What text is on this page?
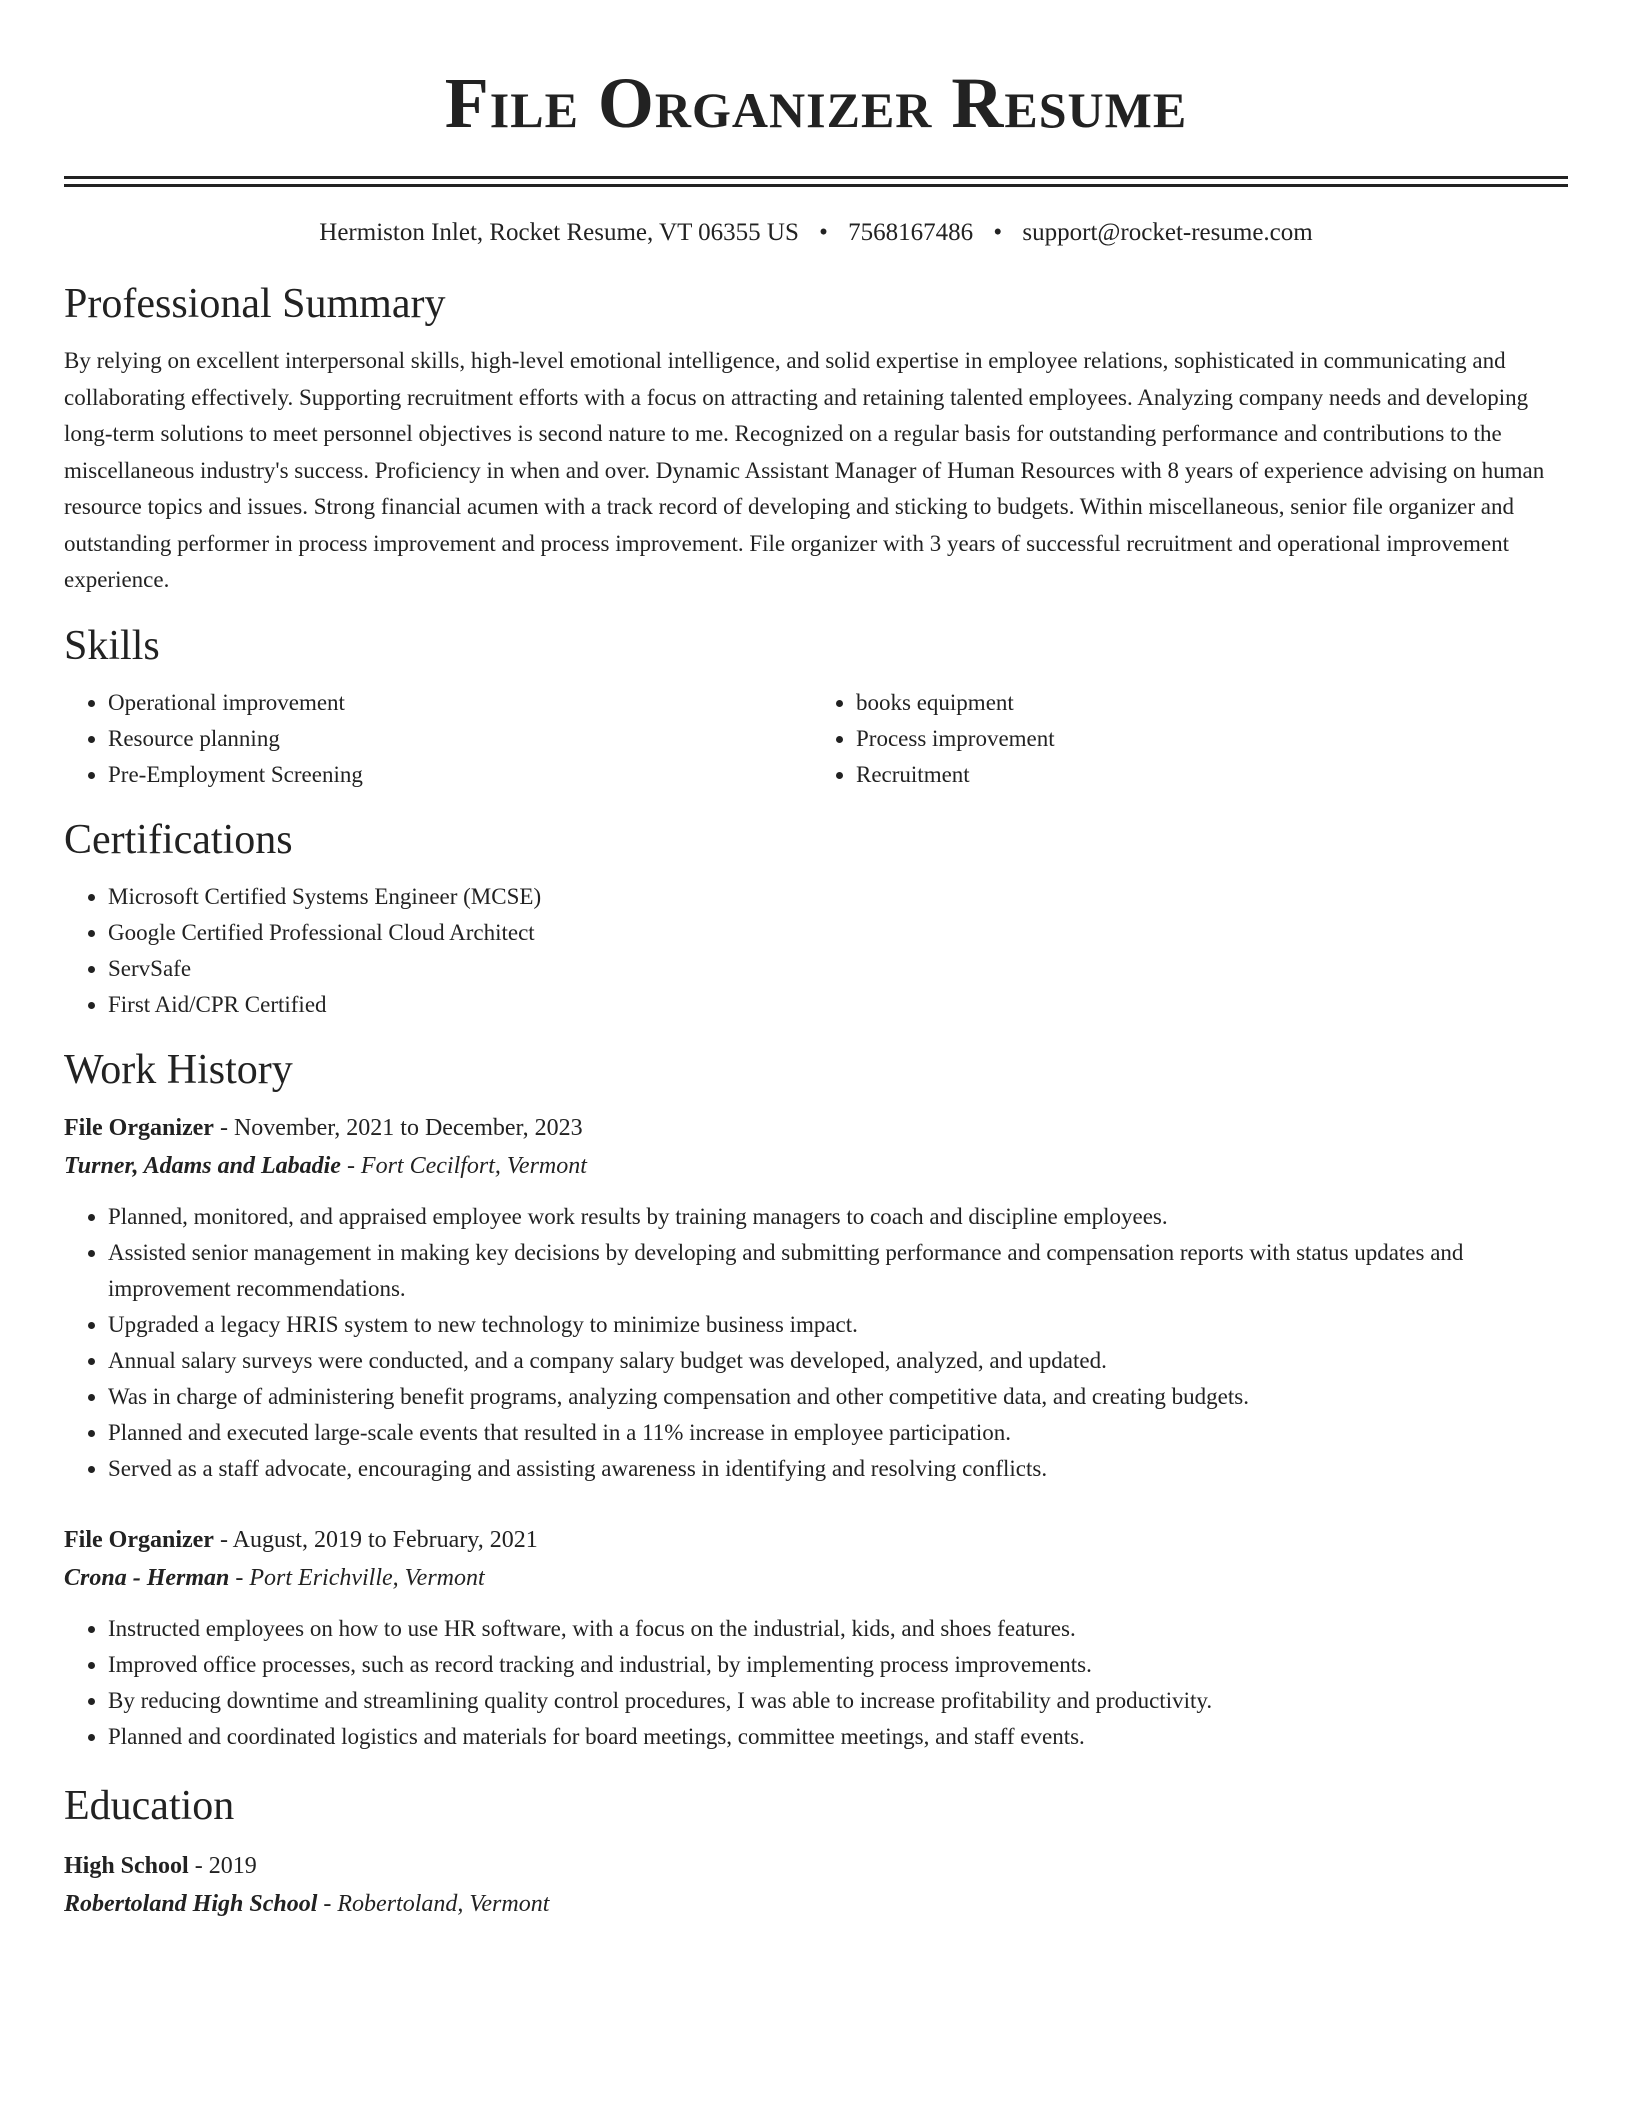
File Organizer Resume
Hermiston Inlet, Rocket Resume, VT 06355 US • 7568167486 • support@rocket-resume.com
Professional Summary

By relying on excellent interpersonal skills, high-level emotional intelligence, and solid expertise in employee relations, sophisticated in communicating and collaborating effectively. Supporting recruitment efforts with a focus on attracting and retaining talented employees. Analyzing company needs and developing long-term solutions to meet personnel objectives is second nature to me. Recognized on a regular basis for outstanding performance and contributions to the miscellaneous industry's success. Proficiency in when and over. Dynamic Assistant Manager of Human Resources with 8 years of experience advising on human resource topics and issues. Strong financial acumen with a track record of developing and sticking to budgets. Within miscellaneous, senior file organizer and outstanding performer in process improvement and process improvement. File organizer with 3 years of successful recruitment and operational improvement experience.

Skills
• Operational improvement
• Resource planning
• Pre-Employment Screening
• books equipment
• Process improvement
• Recruitment
Certifications
• Microsoft Certified Systems Engineer (MCSE)
• Google Certified Professional Cloud Architect
• ServSafe
• First Aid/CPR Certified
Work History
File Organizer - November, 2021 to December, 2023
Turner, Adams and Labadie - Fort Cecilfort, Vermont
• Planned, monitored, and appraised employee work results by training managers to coach and discipline employees.
• Assisted senior management in making key decisions by developing and submitting performance and compensation reports with status updates and improvement recommendations.
• Upgraded a legacy HRIS system to new technology to minimize business impact.
• Annual salary surveys were conducted, and a company salary budget was developed, analyzed, and updated.
• Was in charge of administering benefit programs, analyzing compensation and other competitive data, and creating budgets.
• Planned and executed large-scale events that resulted in a 11% increase in employee participation.
• Served as a staff advocate, encouraging and assisting awareness in identifying and resolving conflicts.
File Organizer - August, 2019 to February, 2021
Crona - Herman - Port Erichville, Vermont
• Instructed employees on how to use HR software, with a focus on the industrial, kids, and shoes features.
• Improved office processes, such as record tracking and industrial, by implementing process improvements.
• By reducing downtime and streamlining quality control procedures, I was able to increase profitability and productivity.
• Planned and coordinated logistics and materials for board meetings, committee meetings, and staff events.
Education
High School - 2019
Robertoland High School - Robertoland, Vermont
